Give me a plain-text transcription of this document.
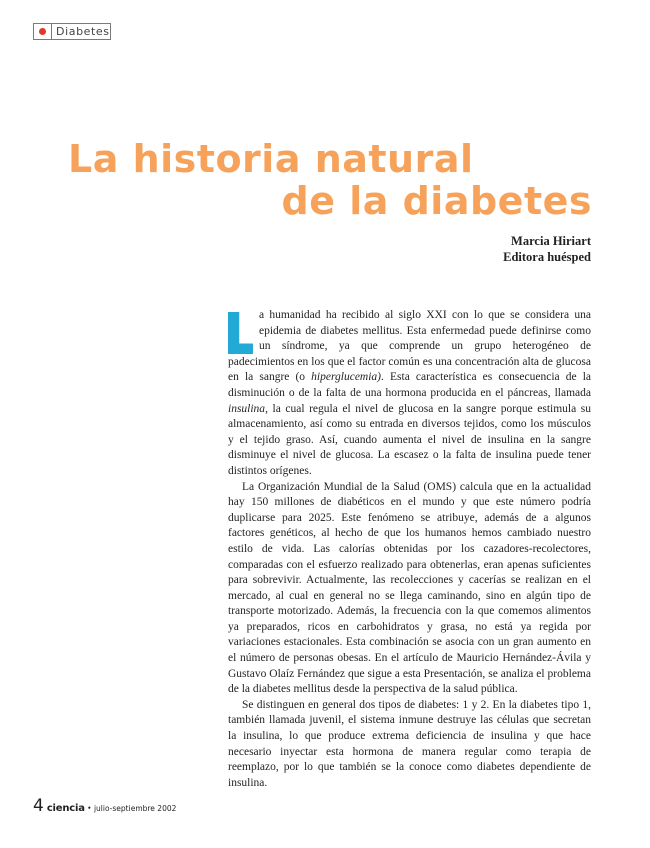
Diabetes
La historia natural
de la diabetes
Marcia Hiriart
Editora huésped

L	a humanidad ha recibido al siglo XXI con lo que se considera una epidemia de diabetes mellitus. Esta enfermedad puede definirse como un síndrome, ya que comprende un grupo heterogéneo de padecimientos en los que el factor común es una concentración alta de glucosa en la sangre (o hiperglucemia). Esta característica es consecuencia de la disminución o de la falta de una hormona producida en el páncreas, llamada insulina, la cual regula el nivel de glucosa en la sangre porque estimula su almacenamiento, así como su entrada en diversos tejidos, como los músculos y el tejido graso. Así, cuando aumenta el nivel de insulina en la sangre disminuye el nivel de glucosa. La escasez o la falta de insulina puede tener distintos orígenes.

La Organización Mundial de la Salud (OMS) calcula que en la actualidad hay 150 millones de diabéticos en el mundo y que este número podría duplicarse para 2025. Este fenómeno se atribuye, además de a algunos factores genéticos, al hecho de que los humanos hemos cambiado nuestro estilo de vida. Las calorías obtenidas por los cazadores-recolectores, comparadas con el esfuerzo realizado para obtenerlas, eran apenas suficientes para sobrevivir. Actualmente, las recolecciones y cacerías se realizan en el mercado, al cual en general no se llega caminando, sino en algún tipo de transporte motorizado. Además, la frecuencia con la que comemos alimentos ya preparados, ricos en carbohidratos y grasa, no está ya regida por variaciones estacionales. Esta combinación se asocia con un gran aumento en el número de personas obesas. En el artículo de Mauricio Hernández-Ávila y Gustavo Olaíz Fernández que sigue a esta Presentación, se analiza el problema de la diabetes mellitus desde la perspectiva de la salud pública.

Se distinguen en general dos tipos de diabetes: 1 y 2. En la diabetes tipo 1, también llamada juvenil, el sistema inmune destruye las células que secretan la insulina, lo que produce extrema deficiencia de insulina y que hace necesario inyectar esta hormona de manera regular como terapia de reemplazo, por lo que también se la conoce como diabetes dependiente de insulina.

4 ciencia • julio-septiembre 2002
